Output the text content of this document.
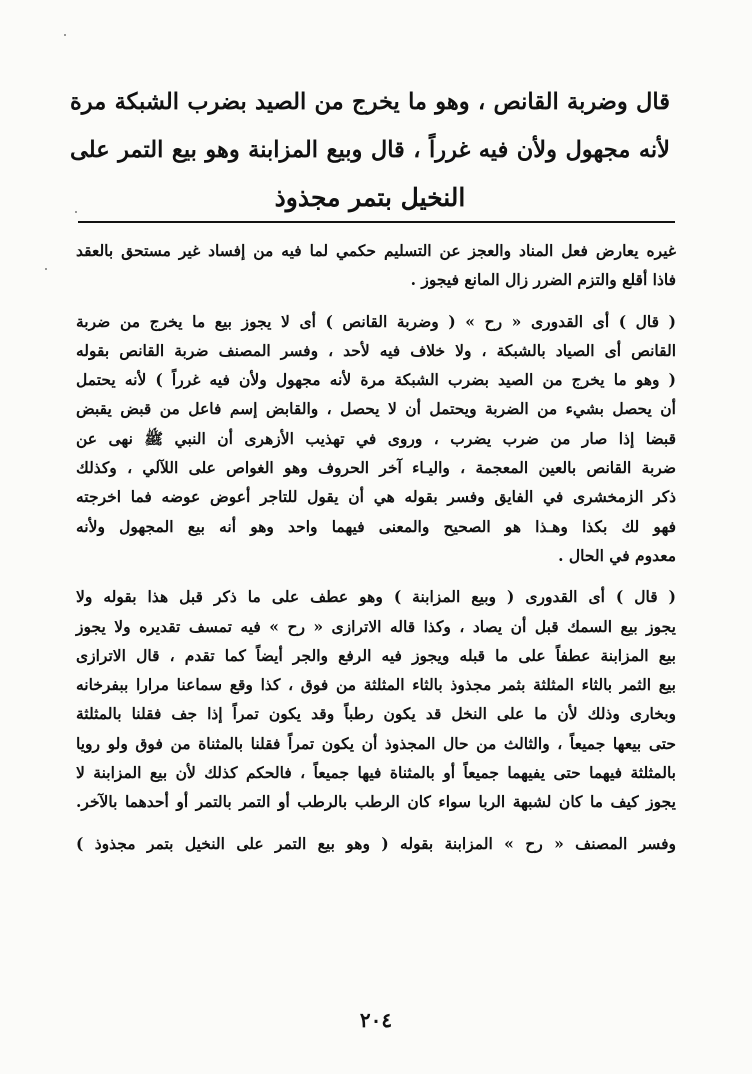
قال وضربة القانص ، وهو ما يخرج من الصيد بضرب الشبكة مرة
لأنه مجهول ولأن فيه غرراً ، قال وبيع المزابنة وهو بيع التمر على
النخيل بتمر مجذوذ
غيره يعارض فعل المناد والعجز عن التسليم حكمي لما فيه من إفساد غير مستحق بالعقد
فاذا أقلع والتزم الضرر زال المانع فيجوز .
( قال ) أى القدورى « رح » ( وضربة القانص ) أى لا يجوز بيع ما يخرج من ضربة
القانص أى الصياد بالشبكة ، ولا خلاف فيه لأحد ، وفسر المصنف ضربة القانص بقوله
( وهو ما يخرج من الصيد بضرب الشبكة مرة لأنه مجهول ولأن فيه غرراً ) لأنه يحتمل
أن يحصل بشيء من الضربة ويحتمل أن لا يحصل ، والقابض إسم فاعل من قبض يقبض
قبضا إذا صار من ضرب يضرب ، وروى في تهذيب الأزهرى أن النبي ﷺ نهى عن
ضربة القانص بالعين المعجمة ، واليـاء آخر الحروف وهو الغواص على اللآلي ، وكذلك
ذكر الزمخشرى في الفايق وفسر بقوله هي أن يقول للتاجر أعوض عوضه فما اخرجته
فهو لك بكذا وهـذا هو الصحيح والمعنى فيهما واحد وهو أنه بيع المجهول ولأنه
معدوم في الحال .
( قال ) أى القدورى ( وبيع المزابنة ) وهو عطف على ما ذكر قبل هذا بقوله ولا
يجوز بيع السمك قبل أن يصاد ، وكذا قاله الاترازى « رح » فيه تمسف تقديره ولا يجوز
بيع المزابنة عطفاً على ما قبله ويجوز فيه الرفع والجر أيضاً كما تقدم ، قال الاترازى
بيع الثمر بالثاء المثلثة بثمر مجذوذ بالثاء المثلثة من فوق ، كذا وقع سماعنا مرارا ببفرخانه
وبخارى وذلك لأن ما على النخل قد يكون رطباً وقد يكون تمراً إذا جف فقلنا بالمثلثة
حتى بيعها جميعاً ، والثالث من حال المجذوذ أن يكون تمراً فقلنا بالمثناة من فوق ولو رويا
بالمثلثة فيهما حتى يفيهما جميعاً أو بالمثناة فيها جميعاً ، فالحكم كذلك لأن بيع المزابنة لا
يجوز كيف ما كان لشبهة الربا سواء كان الرطب بالرطب أو التمر بالتمر أو أحدهما بالآخر.
وفسر المصنف « رح » المزابنة بقوله ( وهو بيع التمر على النخيل بتمر مجذوذ )
٢٠٤
